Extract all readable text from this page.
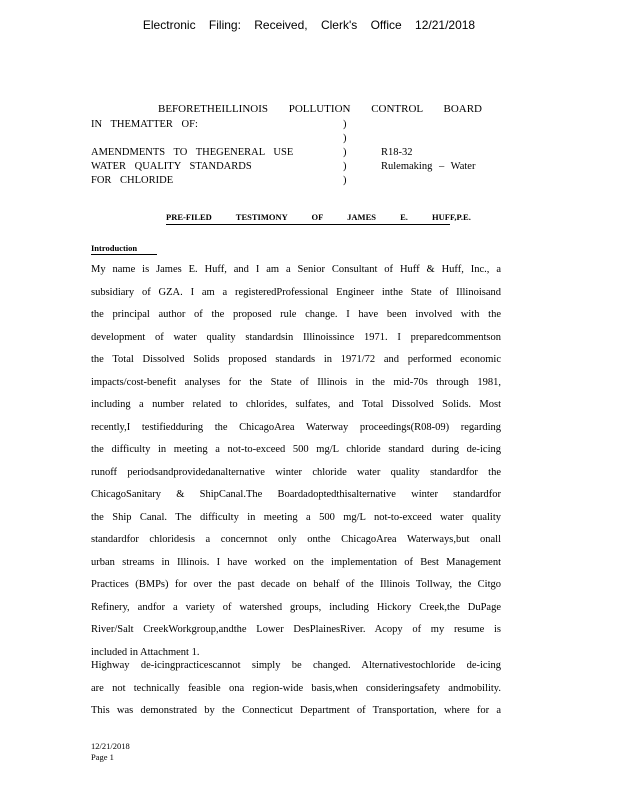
Electronic Filing: Received, Clerk's Office 12/21/2018
BEFORETHEILLINOIS POLLUTION CONTROL BOARD
IN THEMATTER OF:

AMENDMENTS TO THEGENERAL USE
WATER QUALITY STANDARDS
FOR CHLORIDE
)
)
)
)
)

R18-32
Rulemaking – Water

PRE-FILED TESTIMONY OF JAMES E. HUFF,P.E.
Introduction
My name is James E. Huff, and I am a Senior Consultant of Huff & Huff, Inc., a
subsidiary of GZA. I am a registeredProfessional Engineer inthe State of Illinoisand
the principal author of the proposed rule change. I have been involved with the
development of water quality standardsin Illinoissince 1971. I preparedcommentson
the Total Dissolved Solids proposed standards in 1971/72 and performed economic
impacts/cost-benefit analyses for the State of Illinois in the mid-70s through 1981,
including a number related to chlorides, sulfates, and Total Dissolved Solids. Most
recently,I testifiedduring the ChicagoArea Waterway proceedings(R08-09) regarding
the difficulty in meeting a not-to-exceed 500 mg/L chloride standard during de-icing
runoff periodsandprovidedanalternative winter chloride water quality standardfor the
ChicagoSanitary & ShipCanal.The Boardadoptedthisalternative winter standardfor
the Ship Canal. The difficulty in meeting a 500 mg/L not-to-exceed water quality
standardfor chloridesis a concernnot only onthe ChicagoArea Waterways,but onall
urban streams in Illinois. I have worked on the implementation of Best Management
Practices (BMPs) for over the past decade on behalf of the Illinois Tollway, the Citgo
Refinery, andfor a variety of watershed groups, including Hickory Creek,the DuPage
River/Salt CreekWorkgroup,andthe Lower DesPlainesRiver. Acopy of my resume is
included in Attachment 1.
Highway de-icingpracticescannot simply be changed. Alternativestochloride de-icing
are not technically feasible ona region-wide basis,when consideringsafety andmobility.
This was demonstrated by the Connecticut Department of Transportation, where for a
12/21/2018
Page 1
